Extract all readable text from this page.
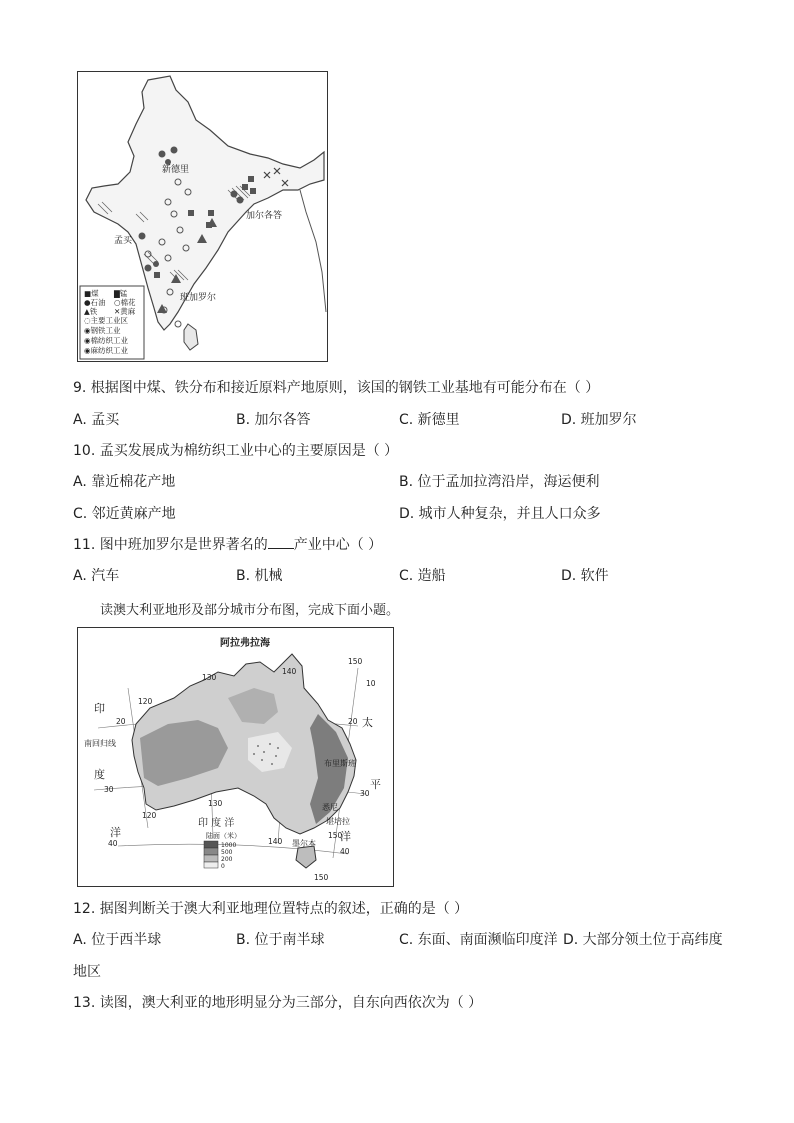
新德里
加尔各答
孟买
班加罗尔
■煤 ▇锰
●石油 ○棉花
▲铁 ✕黄麻
◌主要工业区
◉钢铁工业
◉棉纺织工业
◉麻纺织工业
9. 根据图中煤、铁分布和接近原料产地原则，该国的钢铁工业基地有可能分布在（ ）
A. 孟买	B. 加尔各答	C. 新德里	D. 班加罗尔
10. 孟买发展成为棉纺织工业中心的主要原因是（ ）
A. 靠近棉花产地	B. 位于孟加拉湾沿岸，海运便利
C. 邻近黄麻产地	D. 城市人种复杂，并且人口众多
11. 图中班加罗尔是世界著名的 产业中心（ ）
A. 汽车	B. 机械	C. 造船	D. 软件
读澳大利亚地形及部分城市分布图，完成下面小题。
阿拉弗拉海
印
度
洋
太
平
洋
印 度 洋
南回归线
布里斯班
悉尼
堪培拉
墨尔本
120
130
140
150
20
30
40
10
20
30
40
150
140
150
120
130
陆面（米）
1000
500
200
0
12. 据图判断关于澳大利亚地理位置特点的叙述，正确的是（ ）
A. 位于西半球	B. 位于南半球	C. 东面、南面濒临印度洋 D. 大部分领土位于高纬度
地区
13. 读图，澳大利亚的地形明显分为三部分，自东向西依次为（ ）
